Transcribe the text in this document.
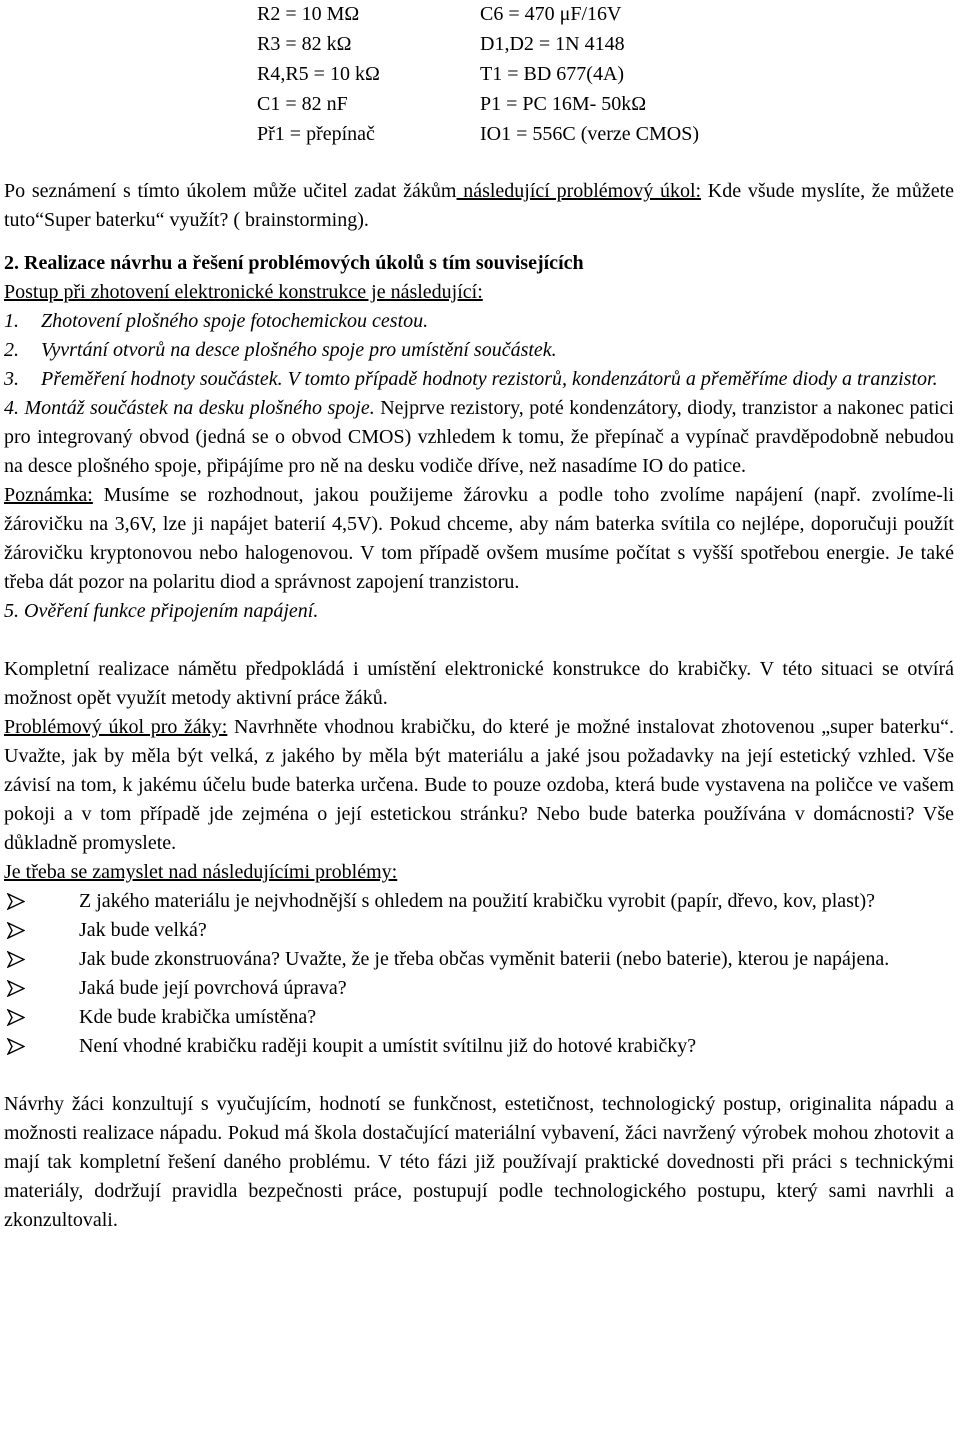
R2 = 10 MΩ	C6 = 470 μF/16V
R3 = 82 kΩ	D1,D2 = 1N 4148
R4,R5 = 10 kΩ	T1 = BD 677(4A)
C1 = 82 nF	P1 = PC 16M- 50kΩ
Př1 = přepínač	IO1 = 556C (verze CMOS)

Po seznámení s tímto úkolem může učitel zadat žákům následující problémový úkol: Kde všude myslíte, že můžete tuto“Super baterku“ využít? ( brainstorming).

2. Realizace návrhu a řešení problémových úkolů s tím souvisejících

Postup při zhotovení elektronické konstrukce je následující:

1.	Zhotovení plošného spoje fotochemickou cestou.
2.	Vyvrtání otvorů na desce plošného spoje pro umístění součástek.
3.	Přeměření hodnoty součástek. V tomto případě hodnoty rezistorů, kondenzátorů a přeměříme diody a tranzistor.

4. Montáž součástek na desku plošného spoje. Nejprve rezistory, poté kondenzátory, diody, tranzistor a nakonec patici pro integrovaný obvod (jedná se o obvod CMOS) vzhledem k tomu, že přepínač a vypínač pravděpodobně nebudou na desce plošného spoje, připájíme pro ně na desku vodiče dříve, než nasadíme IO do patice.

Poznámka: Musíme se rozhodnout, jakou použijeme žárovku a podle toho zvolíme napájení (např. zvolíme-li žárovičku na 3,6V, lze ji napájet baterií 4,5V). Pokud chceme, aby nám baterka svítila co nejlépe, doporučuji použít žárovičku kryptonovou nebo halogenovou. V tom případě ovšem musíme počítat s vyšší spotřebou energie. Je také třeba dát pozor na polaritu diod a správnost zapojení tranzistoru.

5. Ověření funkce připojením napájení.

Kompletní realizace námětu předpokládá i umístění elektronické konstrukce do krabičky. V této situaci se otvírá možnost opět využít metody aktivní práce žáků.

Problémový úkol pro žáky: Navrhněte vhodnou krabičku, do které je možné instalovat zhotovenou „super baterku“. Uvažte, jak by měla být velká, z jakého by měla být materiálu a jaké jsou požadavky na její estetický vzhled. Vše závisí na tom, k jakému účelu bude baterka určena. Bude to pouze ozdoba, která bude vystavena na poličce ve vašem pokoji a v tom případě jde zejména o její estetickou stránku? Nebo bude baterka používána v domácnosti? Vše důkladně promyslete.

Je třeba se zamyslet nad následujícími problémy:

Z jakého materiálu je nejvhodnější s ohledem na použití krabičku vyrobit (papír, dřevo, kov, plast)?
Jak bude velká?
Jak bude zkonstruována? Uvažte, že je třeba občas vyměnit baterii (nebo baterie), kterou je napájena.
Jaká bude její povrchová úprava?
Kde bude krabička umístěna?
Není vhodné krabičku raději koupit a umístit svítilnu již do hotové krabičky?

Návrhy žáci konzultují s vyučujícím, hodnotí se funkčnost, estetičnost, technologický postup, originalita nápadu a možnosti realizace nápadu. Pokud má škola dostačující materiální vybavení, žáci navržený výrobek mohou zhotovit a mají tak kompletní řešení daného problému. V této fázi již používají praktické dovednosti při práci s technickými materiály, dodržují pravidla bezpečnosti práce, postupují podle technologického postupu, který sami navrhli a zkonzultovali.
